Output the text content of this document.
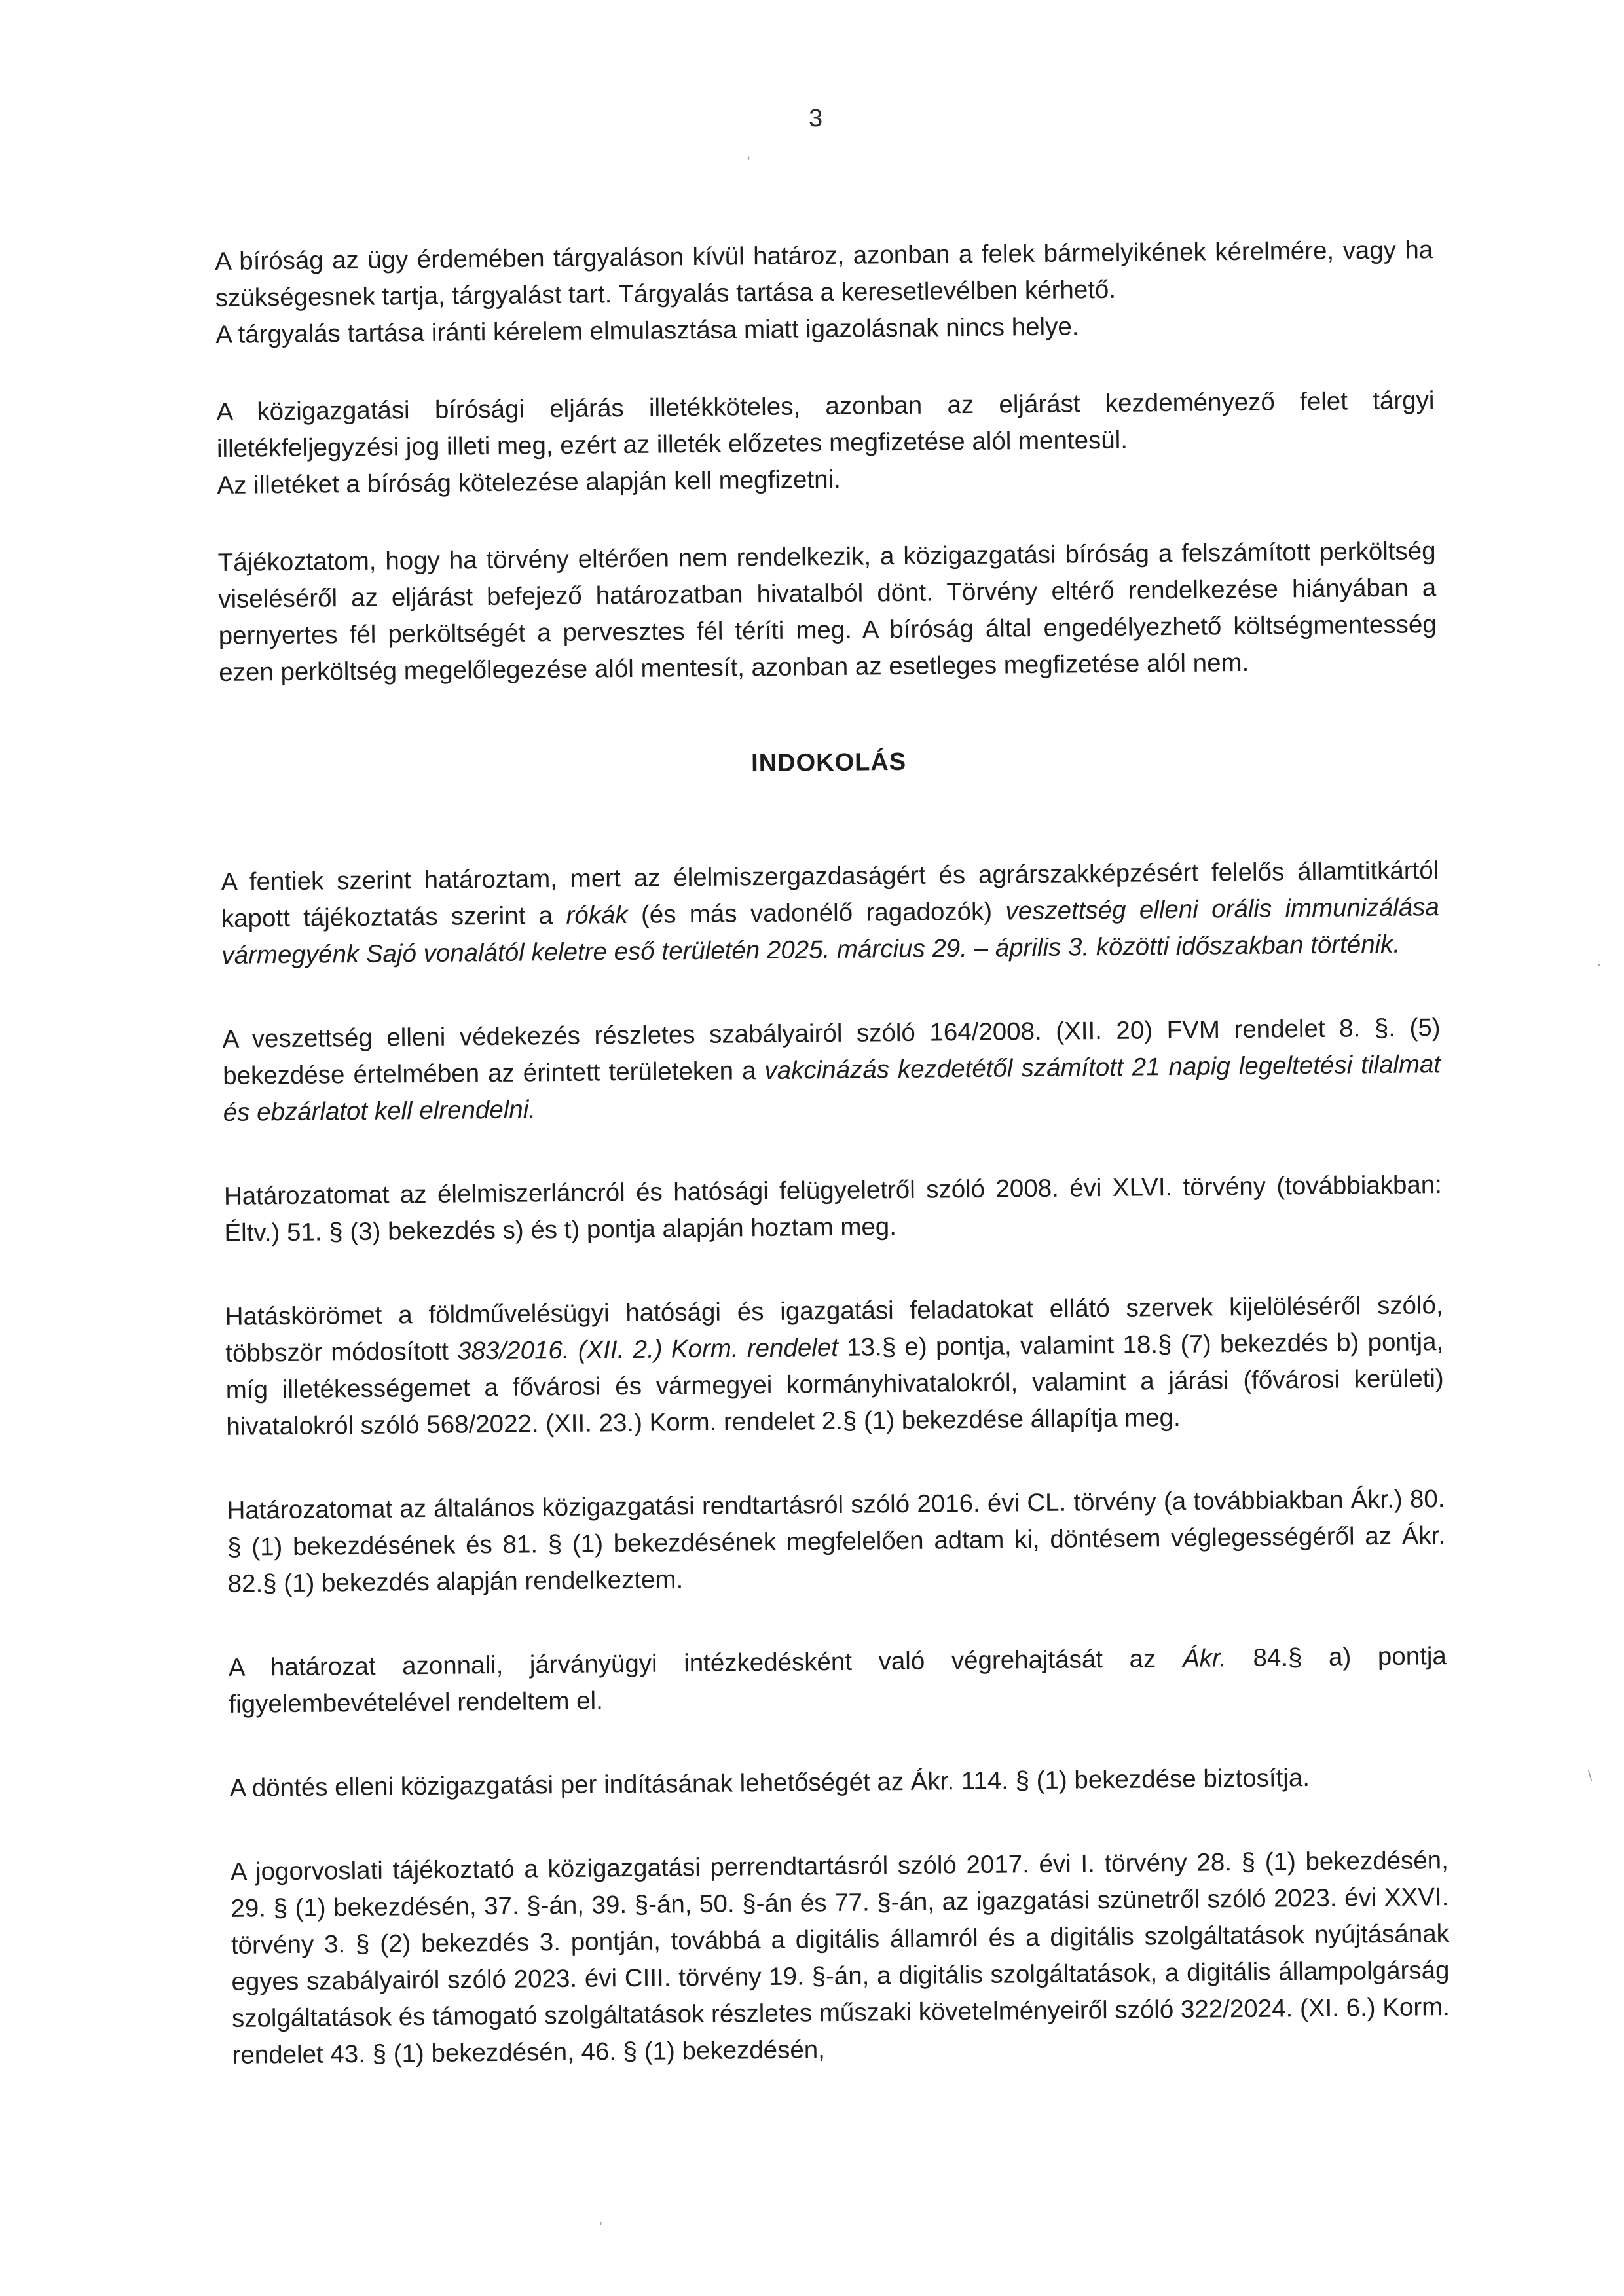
3
,
·
\
ʼ

A bíróság az ügy érdemében tárgyaláson kívül határoz, azonban a felek bármelyikének kérelmére, vagy ha szükségesnek tartja, tárgyalást tart. Tárgyalás tartása a keresetlevélben kérhető.
A tárgyalás tartása iránti kérelem elmulasztása miatt igazolásnak nincs helye.

A közigazgatási bírósági eljárás illetékköteles, azonban az eljárást kezdeményező felet tárgyi illetékfeljegyzési jog illeti meg, ezért az illeték előzetes megfizetése alól mentesül.
Az illetéket a bíróság kötelezése alapján kell megfizetni.

Tájékoztatom, hogy ha törvény eltérően nem rendelkezik, a közigazgatási bíróság a felszámított perköltség viseléséről az eljárást befejező határozatban hivatalból dönt. Törvény eltérő rendelkezése hiányában a pernyertes fél perköltségét a pervesztes fél téríti meg. A bíróság által engedélyezhető költségmentesség ezen perköltség megelőlegezése alól mentesít, azonban az esetleges megfizetése alól nem.

INDOKOLÁS

A fentiek szerint határoztam, mert az élelmiszergazdaságért és agrárszakképzésért felelős államtitkártól kapott tájékoztatás szerint a rókák (és más vadonélő ragadozók) veszettség elleni orális immunizálása vármegyénk Sajó vonalától keletre eső területén 2025. március 29. – április 3. közötti időszakban történik.

A veszettség elleni védekezés részletes szabályairól szóló 164/2008. (XII. 20) FVM rendelet 8. §. (5) bekezdése értelmében az érintett területeken a vakcinázás kezdetétől számított 21 napig legeltetési tilalmat és ebzárlatot kell elrendelni.

Határozatomat az élelmiszerláncról és hatósági felügyeletről szóló 2008. évi XLVI. törvény (továbbiakban: Éltv.) 51. § (3) bekezdés s) és t) pontja alapján hoztam meg.

Hatáskörömet a földművelésügyi hatósági és igazgatási feladatokat ellátó szervek kijelöléséről szóló, többször módosított 383/2016. (XII. 2.) Korm. rendelet 13.§ e) pontja, valamint 18.§ (7) bekezdés b) pontja, míg illetékességemet a fővárosi és vármegyei kormányhivatalokról, valamint a járási (fővárosi kerületi) hivatalokról szóló 568/2022. (XII. 23.) Korm. rendelet 2.§ (1) bekezdése állapítja meg.

Határozatomat az általános közigazgatási rendtartásról szóló 2016. évi CL. törvény (a továbbiakban Ákr.) 80. § (1) bekezdésének és 81. § (1) bekezdésének megfelelően adtam ki, döntésem véglegességéről az Ákr. 82.§ (1) bekezdés alapján rendelkeztem.

A határozat azonnali, járványügyi intézkedésként való végrehajtását az Ákr. 84.§ a) pontja figyelembevételével rendeltem el.

A döntés elleni közigazgatási per indításának lehetőségét az Ákr. 114. § (1) bekezdése biztosítja.

A jogorvoslati tájékoztató a közigazgatási perrendtartásról szóló 2017. évi I. törvény 28. § (1) bekezdésén, 29. § (1) bekezdésén, 37. §-án, 39. §-án, 50. §-án és 77. §-án, az igazgatási szünetről szóló 2023. évi XXVI. törvény 3. § (2) bekezdés 3. pontján, továbbá a digitális államról és a digitális szolgáltatások nyújtásának egyes szabályairól szóló 2023. évi CIII. törvény 19. §-án, a digitális szolgáltatások, a digitális állampolgárság szolgáltatások és támogató szolgáltatások részletes műszaki követelményeiről szóló 322/2024. (XI. 6.) Korm. rendelet 43. § (1) bekezdésén, 46. § (1) bekezdésén,
